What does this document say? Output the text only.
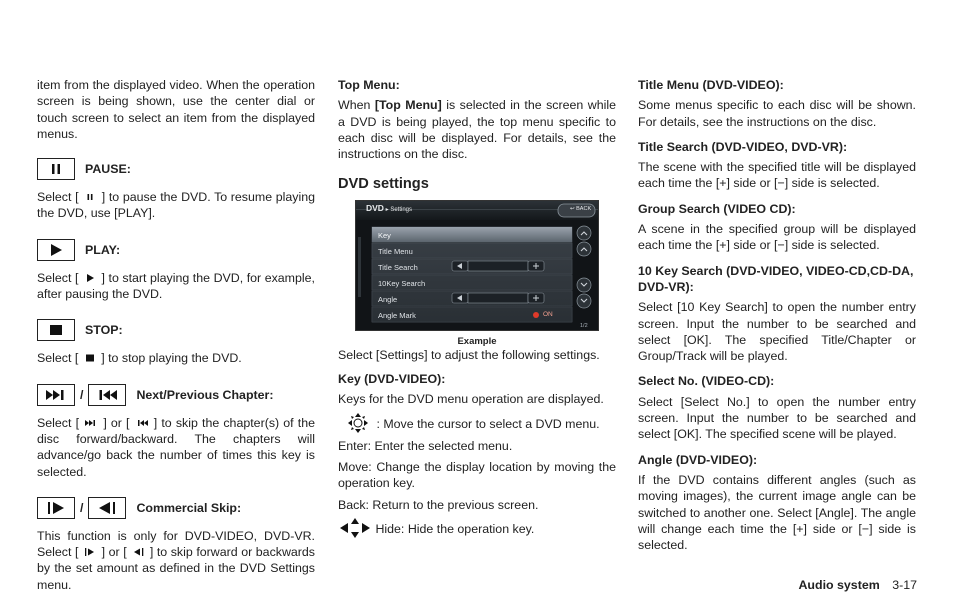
item from the displayed video. When the operation screen is being shown, use the center dial or touch screen to select an item from the displayed menus.

PAUSE:

Select [ ] to pause the DVD. To resume playing the DVD, use [PLAY].

PLAY:

Select [ ] to start playing the DVD, for example, after pausing the DVD.

STOP:

Select [ ] to stop playing the DVD.

/	Next/Previous Chapter:

Select [ ] or [ ] to skip the chapter(s) of the disc forward/backward. The chapters will advance/go back the number of times this key is selected.

/	Commercial Skip:

This function is only for DVD-VIDEO, DVD-VR. Select [ ] or [ ] to skip forward or backwards by the set amount as defined in the DVD Settings menu.

Top Menu:

When [Top Menu] is selected in the screen while a DVD is being played, the top menu specific to each disc will be displayed. For details, see the instructions on the disc.

DVD settings
DVD ▸ Settings	↩ BACK
Key
Title Menu
Title Search
10Key Search
Angle
Angle Mark	ON
1/2
Example

Select [Settings] to adjust the following settings.

Key (DVD-VIDEO):

Keys for the DVD menu operation are displayed.

: Move the cursor to select a DVD menu.

Enter: Enter the selected menu.

Move: Change the display location by moving the operation key.

Back: Return to the previous screen.

Hide: Hide the operation key.

Title Menu (DVD-VIDEO):

Some menus specific to each disc will be shown. For details, see the instructions on the disc.

Title Search (DVD-VIDEO, DVD-VR):

The scene with the specified title will be displayed each time the [+] side or [−] side is selected.

Group Search (VIDEO CD):

A scene in the specified group will be displayed each time the [+] side or [−] side is selected.

10 Key Search (DVD-VIDEO, VIDEO-CD,CD-DA, DVD-VR):

Select [10 Key Search] to open the number entry screen. Input the number to be searched and select [OK]. The specified Title/Chapter or Group/Track will be played.

Select No. (VIDEO-CD):

Select [Select No.] to open the number entry screen. Input the number to be searched and select [OK]. The specified scene will be played.

Angle (DVD-VIDEO):

If the DVD contains different angles (such as moving images), the current image angle can be switched to another one. Select [Angle]. The angle will change each time the [+] side or [−] side is selected.

Audio system 3-17
